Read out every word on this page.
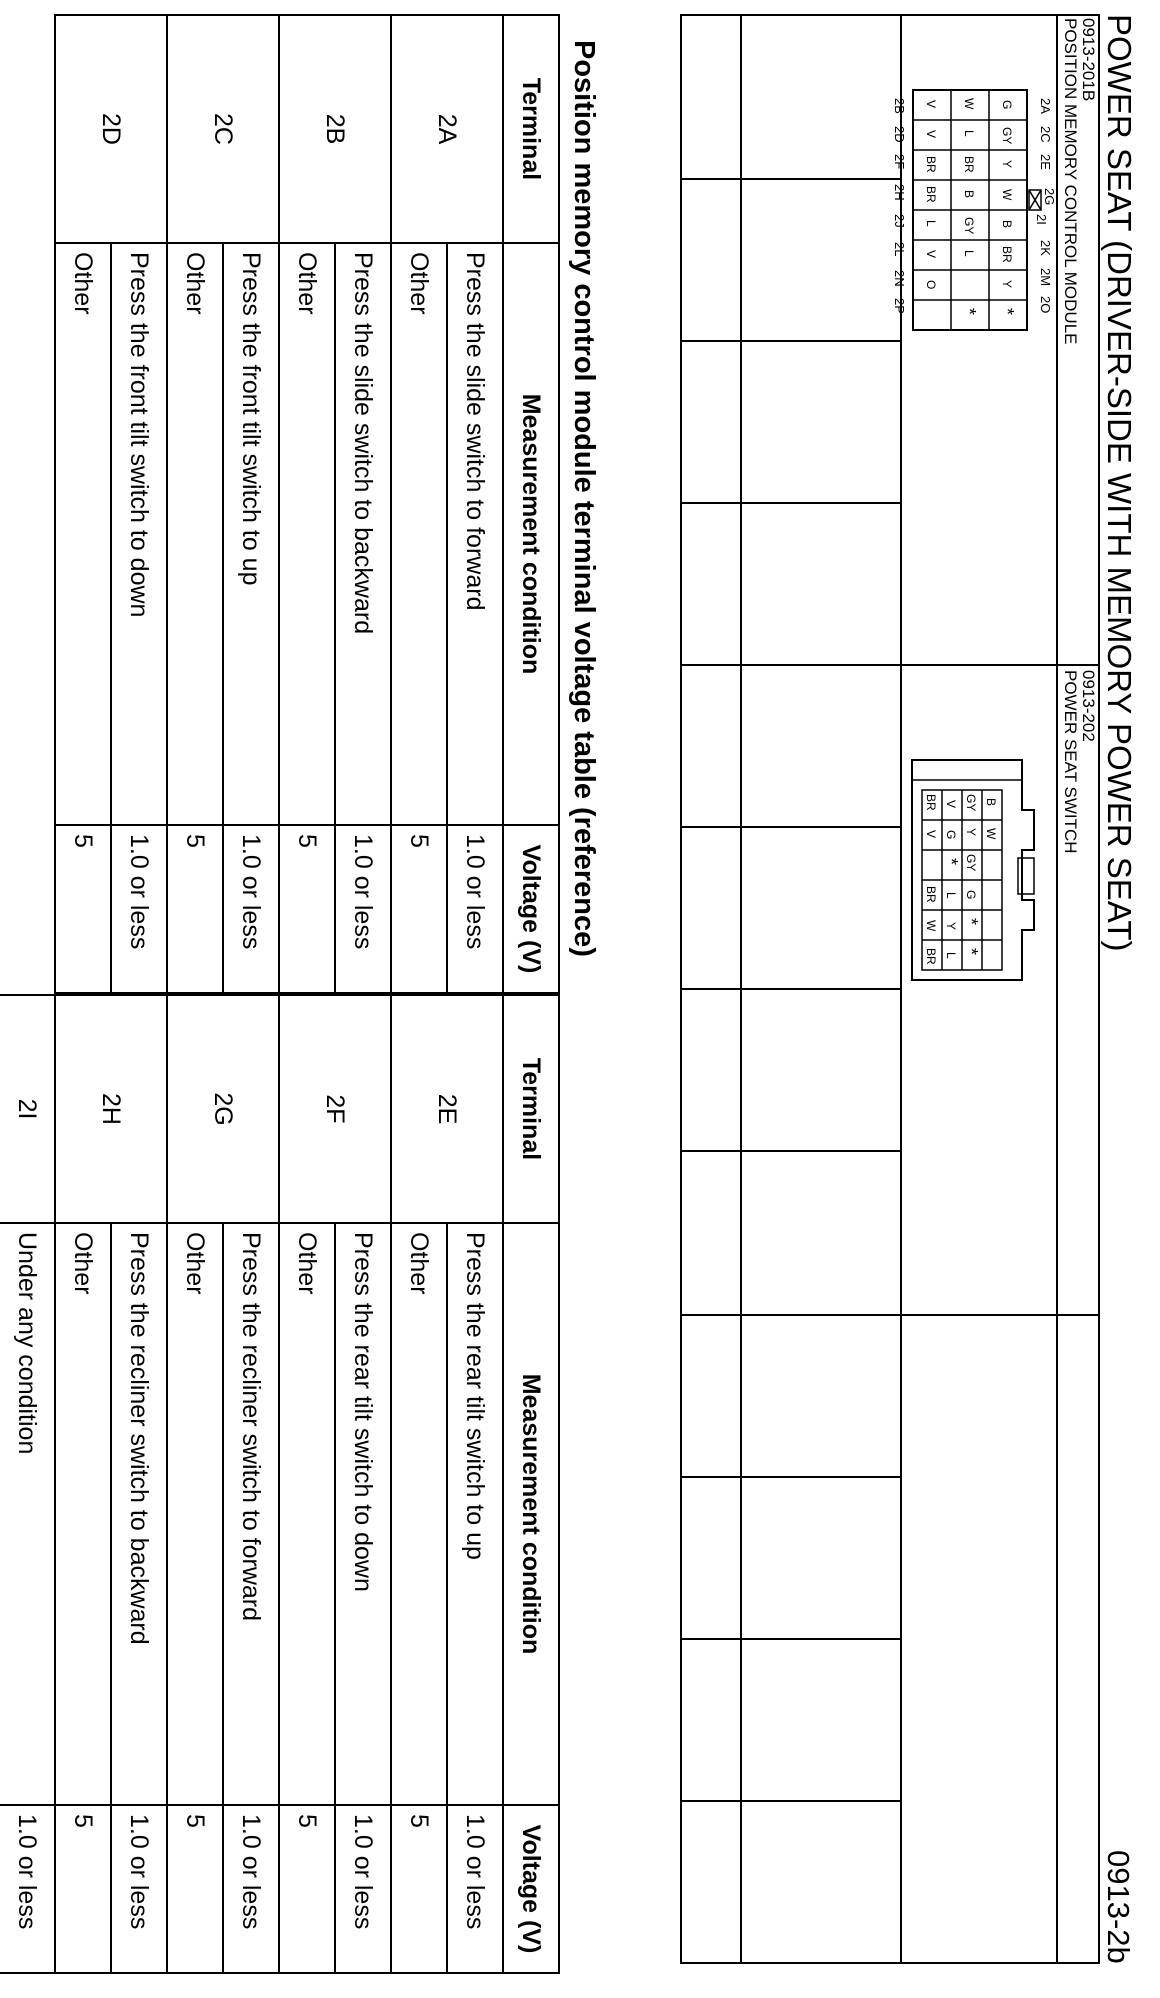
POWER SEAT (DRIVER-SIDE WITH MEMORY POWER SEAT)
0913-2b
0913-201B
POSITION MEMORY CONTROL MODULE
0913-202
POWER SEAT SWITCH
2A
2C
2E
2G
2I
2K
2M
2O
G
GY
Y
W
B
BR
Y
*
W
L
BR
B
GY
L
*
V
V
BR
BR
L
V
O
2B
2D
2F
2H
2J
2L
2N
2P
B
W
GY
Y
GY
G
*
*
V
G
*
L
Y
L
BR
V
BR
W
BR
Position memory control module terminal voltage table (reference)
Terminal	Measurement condition	Voltage (V)
2A	Press the slide switch to forward	1.0 or less
	Other	5
2B	Press the slide switch to backward	1.0 or less
	Other	5
2C	Press the front tilt switch to up	1.0 or less
	Other	5
2D	Press the front tilt switch to down	1.0 or less
	Other	5
Terminal	Measurement condition	Voltage (V)
2E	Press the rear tilt switch to up	1.0 or less
	Other	5
2F	Press the rear tilt switch to down	1.0 or less
	Other	5
2G	Press the recliner switch to forward	1.0 or less
	Other	5
2H	Press the recliner switch to backward	1.0 or less
	Other	5
2I	Under any condition	1.0 or less
